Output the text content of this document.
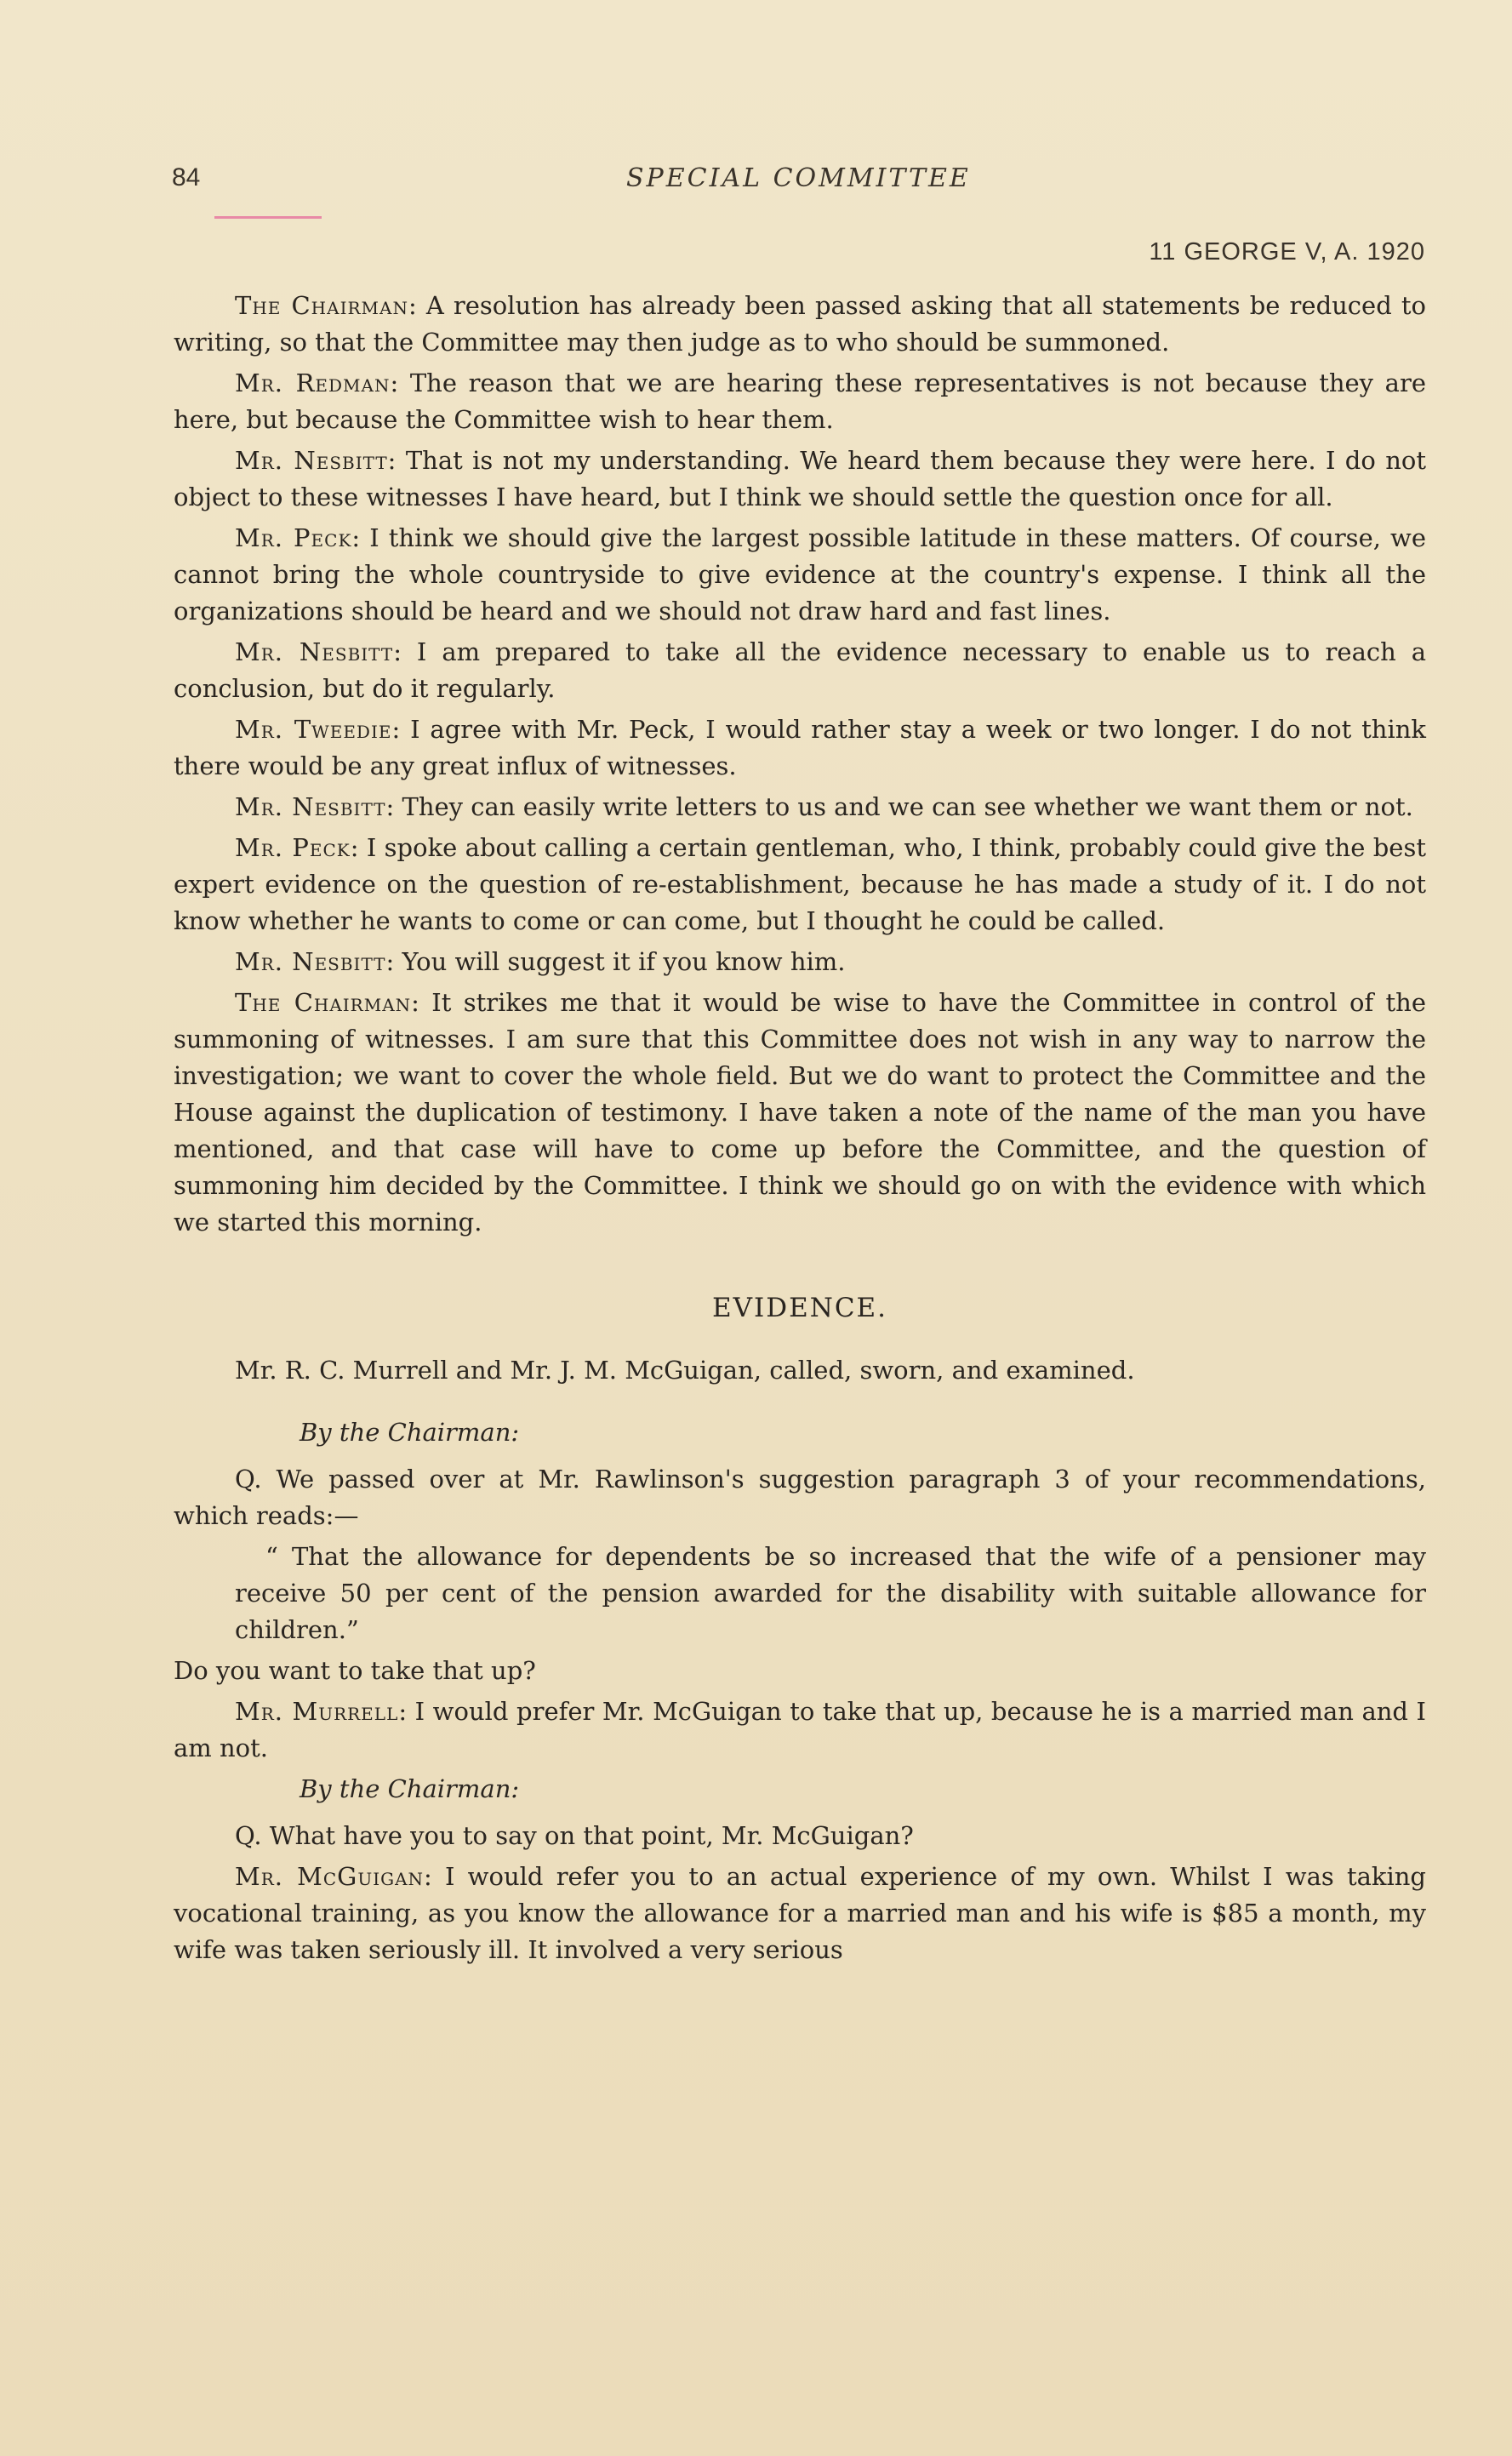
84	SPECIAL COMMITTEE
11 GEORGE V, A. 1920

The Chairman: A resolution has already been passed asking that all statements be reduced to writing, so that the Committee may then judge as to who should be summoned.

Mr. Redman: The reason that we are hearing these representatives is not because they are here, but because the Committee wish to hear them.

Mr. Nesbitt: That is not my understanding. We heard them because they were here. I do not object to these witnesses I have heard, but I think we should settle the question once for all.

Mr. Peck: I think we should give the largest possible latitude in these matters. Of course, we cannot bring the whole countryside to give evidence at the country's expense. I think all the organizations should be heard and we should not draw hard and fast lines.

Mr. Nesbitt: I am prepared to take all the evidence necessary to enable us to reach a conclusion, but do it regularly.

Mr. Tweedie: I agree with Mr. Peck, I would rather stay a week or two longer. I do not think there would be any great influx of witnesses.

Mr. Nesbitt: They can easily write letters to us and we can see whether we want them or not.

Mr. Peck: I spoke about calling a certain gentleman, who, I think, probably could give the best expert evidence on the question of re-establishment, because he has made a study of it. I do not know whether he wants to come or can come, but I thought he could be called.

Mr. Nesbitt: You will suggest it if you know him.

The Chairman: It strikes me that it would be wise to have the Committee in control of the summoning of witnesses. I am sure that this Committee does not wish in any way to narrow the investigation; we want to cover the whole field. But we do want to protect the Committee and the House against the duplication of testimony. I have taken a note of the name of the man you have mentioned, and that case will have to come up before the Committee, and the question of summoning him decided by the Committee. I think we should go on with the evidence with which we started this morning.

EVIDENCE.

Mr. R. C. Murrell and Mr. J. M. McGuigan, called, sworn, and examined.

By the Chairman:

Q. We passed over at Mr. Rawlinson's suggestion paragraph 3 of your recommendations, which reads:—

“ That the allowance for dependents be so increased that the wife of a pensioner may receive 50 per cent of the pension awarded for the disability with suitable allowance for children.”

Do you want to take that up?

Mr. Murrell: I would prefer Mr. McGuigan to take that up, because he is a married man and I am not.

By the Chairman:

Q. What have you to say on that point, Mr. McGuigan?

Mr. McGuigan: I would refer you to an actual experience of my own. Whilst I was taking vocational training, as you know the allowance for a married man and his wife is $85 a month, my wife was taken seriously ill. It involved a very serious
